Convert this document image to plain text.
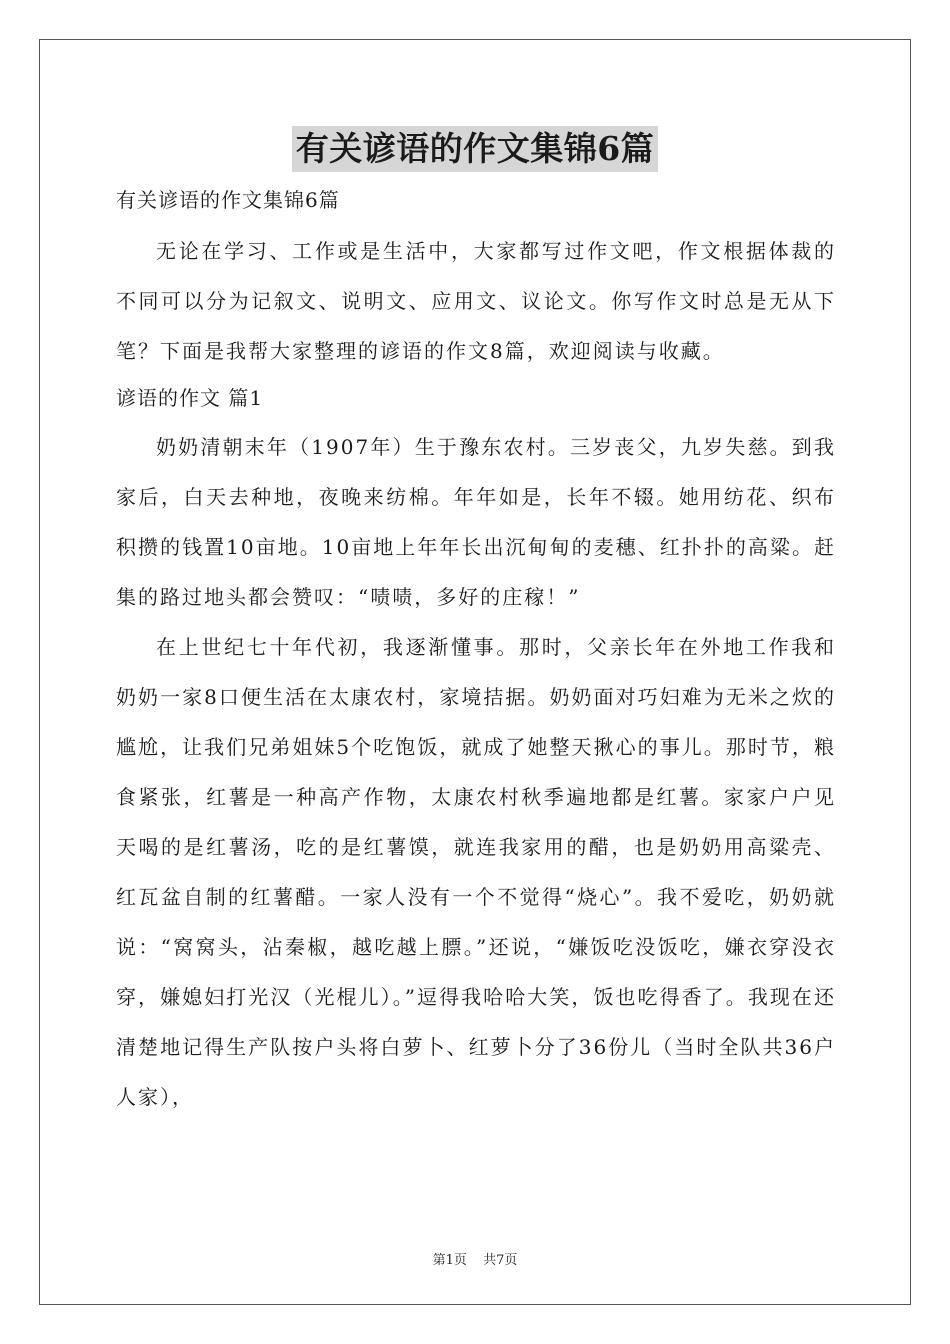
有关谚语的作文集锦6篇

有关谚语的作文集锦6篇

无论在学习、工作或是生活中，大家都写过作文吧，作文根据体裁的不同可以分为记叙文、说明文、应用文、议论文。你写作文时总是无从下笔？下面是我帮大家整理的谚语的作文8篇，欢迎阅读与收藏。

谚语的作文 篇1

奶奶清朝末年（1907年）生于豫东农村。三岁丧父，九岁失慈。到我家后，白天去种地，夜晚来纺棉。年年如是，长年不辍。她用纺花、织布积攒的钱置10亩地。10亩地上年年长出沉甸甸的麦穗、红扑扑的高粱。赶集的路过地头都会赞叹：“啧啧，多好的庄稼！”

在上世纪七十年代初，我逐渐懂事。那时，父亲长年在外地工作我和奶奶一家8口便生活在太康农村，家境拮据。奶奶面对巧妇难为无米之炊的尴尬，让我们兄弟姐妹5个吃饱饭，就成了她整天揪心的事儿。那时节，粮食紧张，红薯是一种高产作物，太康农村秋季遍地都是红薯。家家户户见天喝的是红薯汤，吃的是红薯馍，就连我家用的醋，也是奶奶用高粱壳、红瓦盆自制的红薯醋。一家人没有一个不觉得“烧心”。我不爱吃，奶奶就说：“窝窝头，沾秦椒，越吃越上膘。”还说，“嫌饭吃没饭吃，嫌衣穿没衣穿，嫌媳妇打光汉（光棍儿）。”逗得我哈哈大笑，饭也吃得香了。我现在还清楚地记得生产队按户头将白萝卜、红萝卜分了36份儿（当时全队共36户人家），

第1页 共7页
